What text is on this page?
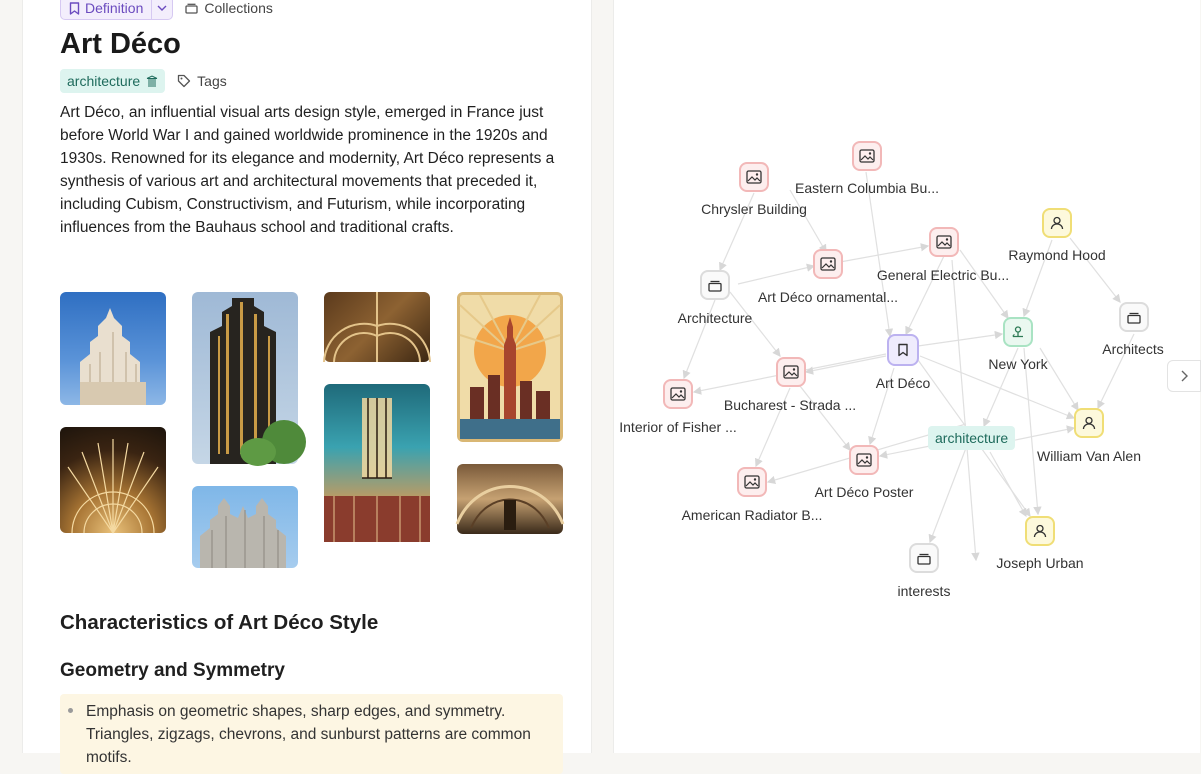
Definition	Collections
Art Déco
architecture	Tags
Art Déco, an influential visual arts design style, emerged in France just before World War I and gained worldwide prominence in the 1920s and 1930s. Renowned for its elegance and modernity, Art Déco represents a synthesis of various art and architectural movements that preceded it, including Cubism, Constructivism, and Futurism, while incorporating influences from the Bauhaus school and traditional crafts.
Characteristics of Art Déco Style
Geometry and Symmetry
Emphasis on geometric shapes, sharp edges, and symmetry. Triangles, zigzags, chevrons, and sunburst patterns are common motifs.
Eastern Columbia Bu...
Chrysler Building
Raymond Hood
General Electric Bu...
Art Déco ornamental...
Architecture
Architects
New York
Art Déco
Bucharest - Strada ...
Interior of Fisher ...
architecture
William Van Alen
Art Déco Poster
American Radiator B...
Joseph Urban
interests
